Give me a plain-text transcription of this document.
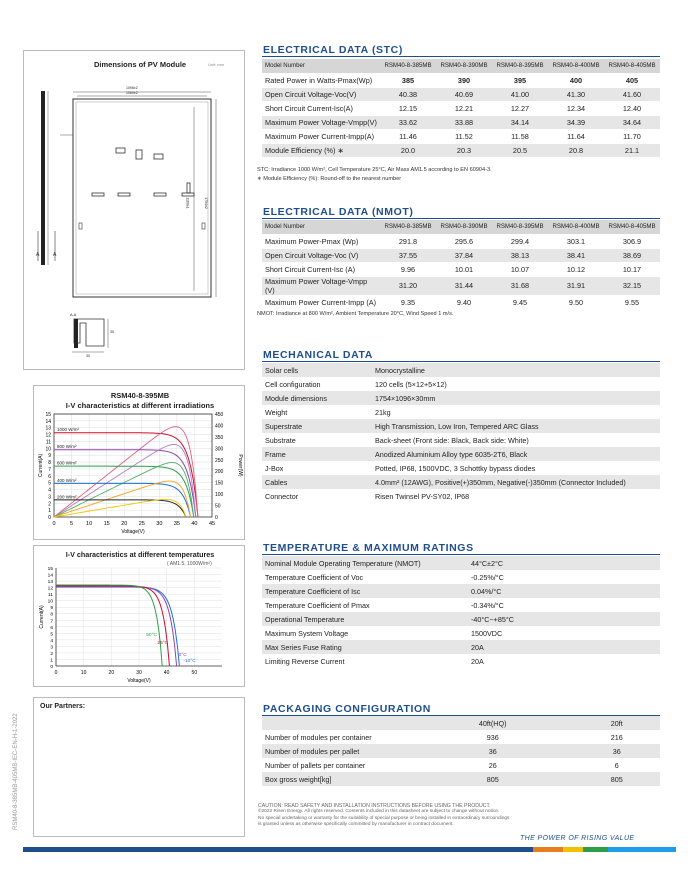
Dimensions of PV Module	Unit: mm
1096±2
1060±2
1754±2
1160±1
A	A
A-A
35
30
RSM40-8-395MB
I-V characteristics at different irradiations
0
1
2
3
4
5
6
7
8
9
10
11
12
13
14
15
0
50
100
150
200
250
300
350
400
450
0	5 10 15 20 25 30 35 40 45
Voltage(V)
Current(A)	Power(W)
1000 W/m²
800 W/m²
600 W/m²
400 W/m²
200 W/m²
I-V characteristics at different temperatures
( AM1.5, 1000W/m²)
0
1
2
3
4
5
6
7
8
9
10
11
12
13
14
15
0	10	20	30	40	50
Voltage(V)
Current(A)
-10°C
0°C
25°C
50°C
Our Partners:
RSM40-8-385MB-405MB-IEC-EN-H-1-2022
ELECTRICAL DATA (STC)
Model Number	RSM40-8-385MB	RSM40-8-390MB	RSM40-8-395MB	RSM40-8-400MB	RSM40-8-405MB
Rated Power in Watts-Pmax(Wp)	385	390	395	400	405
Open Circuit Voltage-Voc(V)	40.38	40.69	41.00	41.30	41.60
Short Circuit Current-Isc(A)	12.15	12.21	12.27	12.34	12.40
Maximum Power Voltage-Vmpp(V)	33.62	33.88	34.14	34.39	34.64
Maximum Power Current-Impp(A)	11.46	11.52	11.58	11.64	11.70
Module Efficiency (%) ∗	20.0	20.3	20.5	20.8	21.1
STC: Irradiance 1000 W/m², Cell Temperature 25°C, Air Mass AM1.5 according to EN 60904-3.
∗ Module Efficiency (%): Round-off to the nearest number
ELECTRICAL DATA (NMOT)
Model Number	RSM40-8-385MB	RSM40-8-390MB	RSM40-8-395MB	RSM40-8-400MB	RSM40-8-405MB
Maximum Power-Pmax (Wp)	291.8	295.6	299.4	303.1	306.9
Open Circuit Voltage-Voc (V)	37.55	37.84	38.13	38.41	38.69
Short Circuit Current-Isc (A)	9.96	10.01	10.07	10.12	10.17
Maximum Power Voltage-Vmpp (V)	31.20	31.44	31.68	31.91	32.15
Maximum Power Current-Impp (A)	9.35	9.40	9.45	9.50	9.55
NMOT: Irradiance at 800 W/m², Ambient Temperature 20°C, Wind Speed 1 m/s.
MECHANICAL DATA
Solar cells	Monocrystalline
Cell configuration	120 cells (5×12+5×12)
Module dimensions	1754×1096×30mm
Weight	21kg
Superstrate	High Transmission, Low Iron, Tempered ARC Glass
Substrate	Back-sheet (Front side: Black, Back side: White)
Frame	Anodized Aluminium Alloy type 6035-2T6, Black
J-Box	Potted, IP68, 1500VDC, 3 Schottky bypass diodes
Cables	4.0mm² (12AWG), Positive(+)350mm, Negative(-)350mm (Connector Included)
Connector	Risen Twinsel PV-SY02, IP68
TEMPERATURE & MAXIMUM RATINGS
Nominal Module Operating Temperature (NMOT)	44°C±2°C
Temperature Coefficient of Voc	-0.25%/°C
Temperature Coefficient of Isc	0.04%/°C
Temperature Coefficient of Pmax	-0.34%/°C
Operational Temperature	-40°C~+85°C
Maximum System Voltage	1500VDC
Max Series Fuse Rating	20A
Limiting Reverse Current	20A
PACKAGING CONFIGURATION
	40ft(HQ)	20ft
Number of modules per container	936	216
Number of modules per pallet	36	36
Number of pallets per container	26	6
Box gross weight[kg]	805	805
CAUTION: READ SAFETY AND INSTALLATION INSTRUCTIONS BEFORE USING THE PRODUCT.
©2022 Risen Energy. All rights reserved. Contents included in this datasheet are subject to change without notice.
No special undertaking or warranty for the suitability of special purpose or being installed in extraordinary surroundings
is granted unless as otherwise specifically committed by manufacturer in contract document.
THE POWER OF RISING VALUE
